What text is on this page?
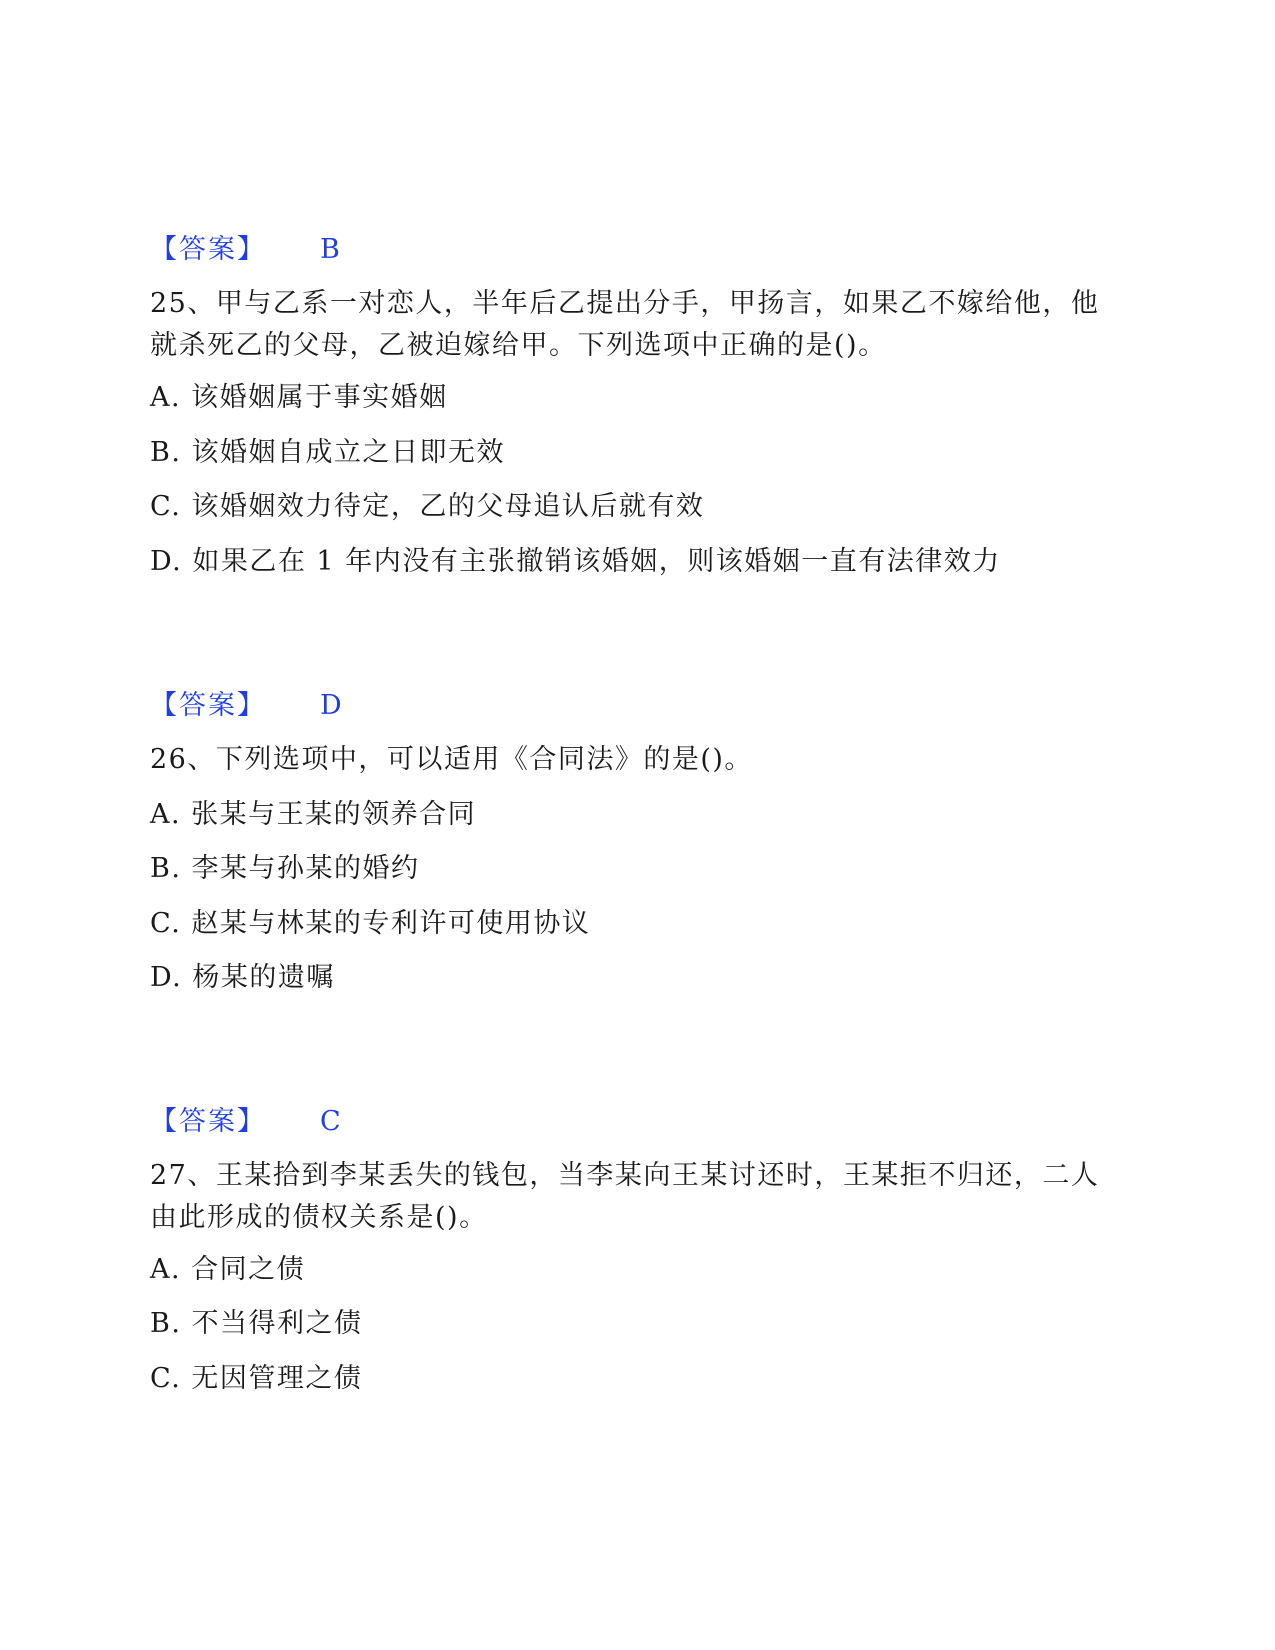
【答案】 B
25、甲与乙系一对恋人，半年后乙提出分手，甲扬言，如果乙不嫁给他，他就杀死乙的父母，乙被迫嫁给甲。下列选项中正确的是()。
A. 该婚姻属于事实婚姻
B. 该婚姻自成立之日即无效
C. 该婚姻效力待定，乙的父母追认后就有效
D. 如果乙在 1 年内没有主张撤销该婚姻，则该婚姻一直有法律效力
【答案】 D
26、下列选项中，可以适用《合同法》的是()。
A. 张某与王某的领养合同
B. 李某与孙某的婚约
C. 赵某与林某的专利许可使用协议
D. 杨某的遗嘱
【答案】 C
27、王某拾到李某丢失的钱包，当李某向王某讨还时，王某拒不归还，二人由此形成的债权关系是()。
A. 合同之债
B. 不当得利之债
C. 无因管理之债
